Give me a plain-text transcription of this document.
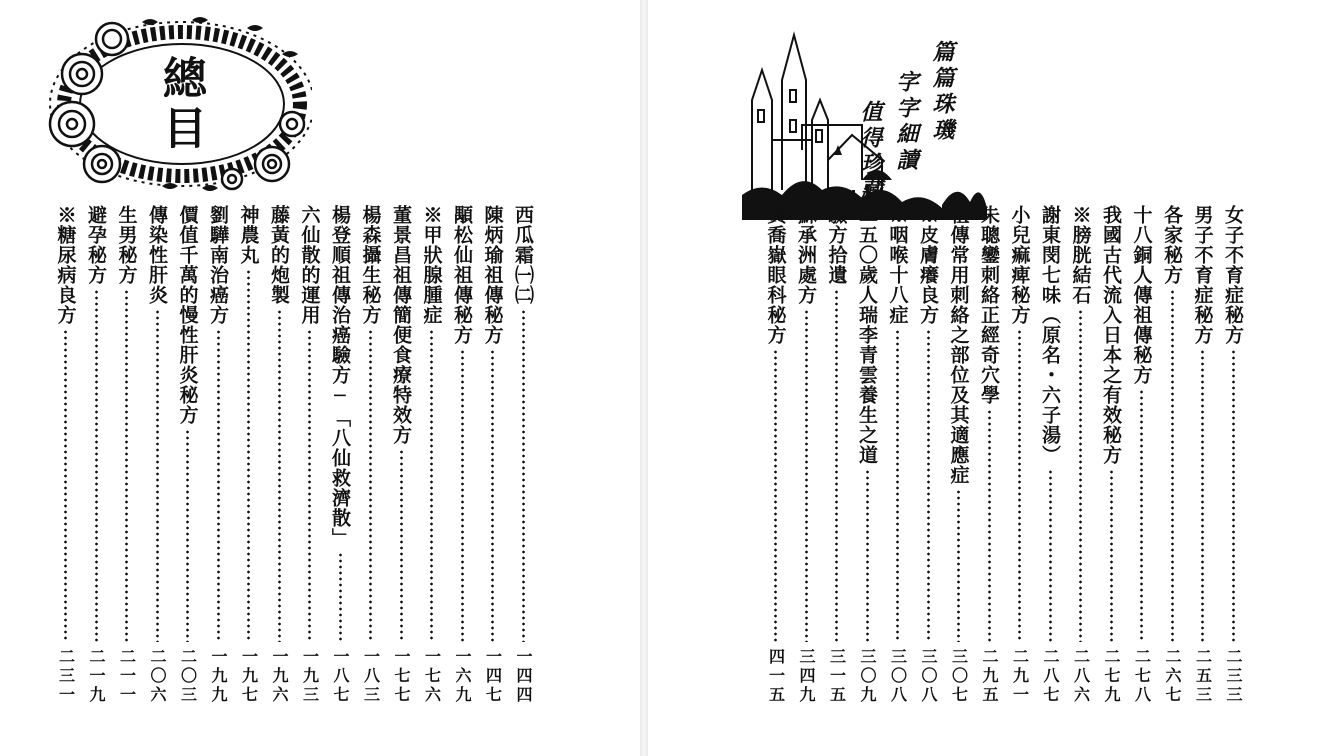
總目	篇篇珠璣
字字細讀
值得珍藏
西瓜霜㈠㈡
一四四
陳炳瑜祖傳秘方
一四七
顒松仙祖傳秘方
一六九
※甲狀腺腫症
一七六
董景昌祖傳簡便食療特效方
一七七
楊森攝生秘方
一八三
楊登順祖傳治癌驗方─「八仙救濟散」
一八七
六仙散的運用
一九三
藤黃的炮製
一九六
神農丸
一九七
劉驊南治癌方
一九九
價值千萬的慢性肝炎秘方
二〇三
傳染性肝炎
二〇六
生男秘方
二一一
避孕秘方
二一九
※糖尿病良方
二三一
女子不育症秘方
二三三
男子不育症秘方
二五三
各家秘方
二六七
十八銅人傳祖傳秘方
二七八
我國古代流入日本之有效秘方
二七九
※膀胱結石
二八六
謝東閔七味（原名・六子湯）
二八七
小兒痲痺秘方
二九一
朱聰鑾刺絡正經奇穴學
二九五
祖傳常用刺絡之部位及其適應症
三〇七
※皮膚癢良方
三〇八
※咽喉十八症
三〇八
二五〇歲人瑞李青雲養生之道
三〇九
驗方拾遺
三一五
蘇承洲處方
三四九
黃喬嶽眼科秘方
四一五
